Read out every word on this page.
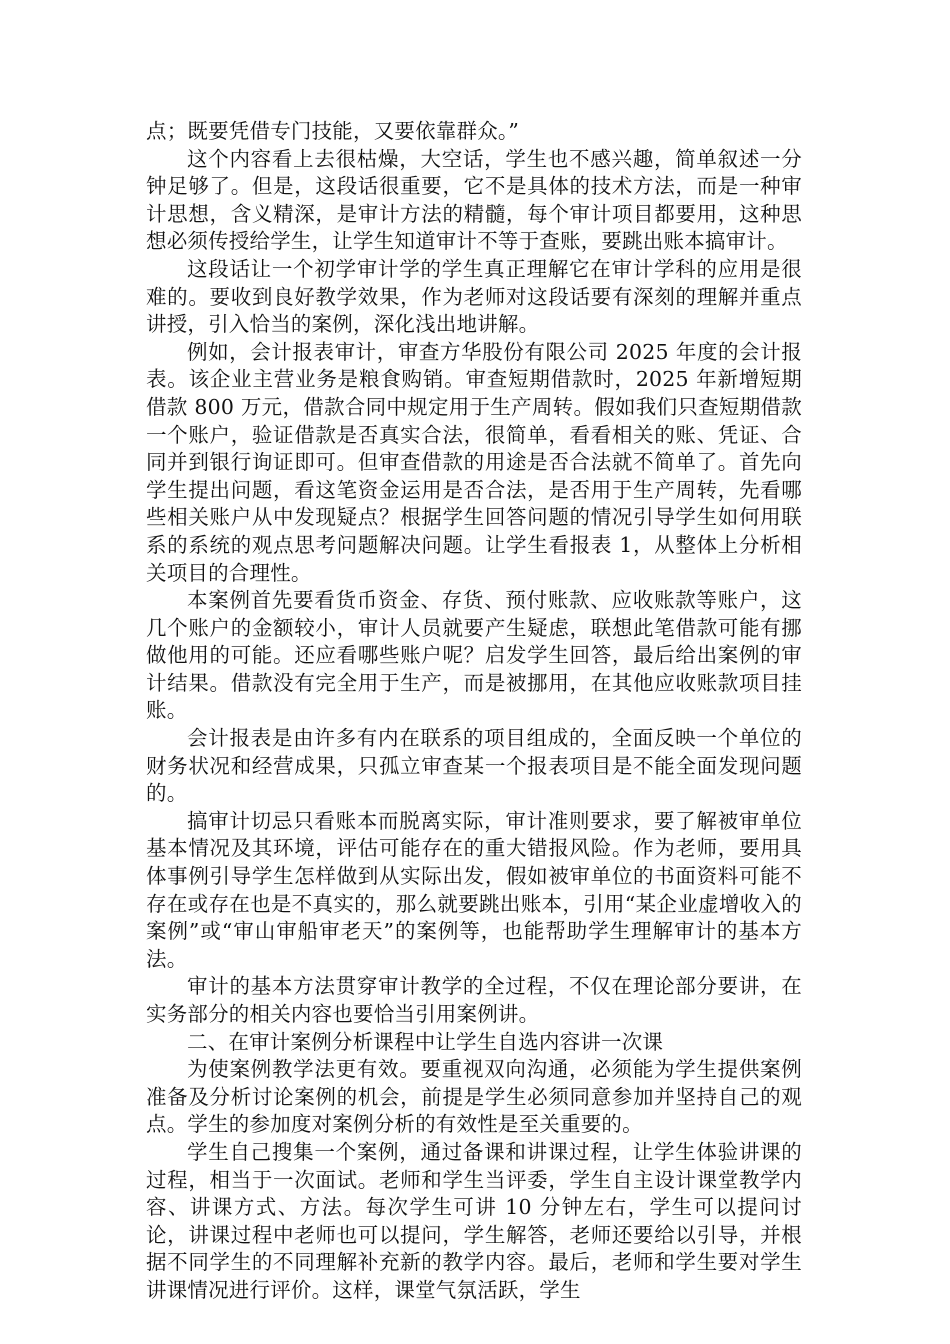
点；既要凭借专门技能，又要依靠群众。”

这个内容看上去很枯燥，大空话，学生也不感兴趣，简单叙述一分钟足够了。但是，这段话很重要，它不是具体的技术方法，而是一种审计思想，含义精深，是审计方法的精髓，每个审计项目都要用，这种思想必须传授给学生，让学生知道审计不等于查账，要跳出账本搞审计。

这段话让一个初学审计学的学生真正理解它在审计学科的应用是很难的。要收到良好教学效果，作为老师对这段话要有深刻的理解并重点讲授，引入恰当的案例，深化浅出地讲解。

例如，会计报表审计，审查方华股份有限公司 2025 年度的会计报表。该企业主营业务是粮食购销。审查短期借款时，2025 年新增短期借款 800 万元，借款合同中规定用于生产周转。假如我们只查短期借款一个账户，验证借款是否真实合法，很简单，看看相关的账、凭证、合同并到银行询证即可。但审查借款的用途是否合法就不简单了。首先向学生提出问题，看这笔资金运用是否合法，是否用于生产周转，先看哪些相关账户从中发现疑点？根据学生回答问题的情况引导学生如何用联系的系统的观点思考问题解决问题。让学生看报表 1，从整体上分析相关项目的合理性。

本案例首先要看货币资金、存货、预付账款、应收账款等账户，这几个账户的金额较小，审计人员就要产生疑虑，联想此笔借款可能有挪做他用的可能。还应看哪些账户呢？启发学生回答，最后给出案例的审计结果。借款没有完全用于生产，而是被挪用，在其他应收账款项目挂账。

会计报表是由许多有内在联系的项目组成的，全面反映一个单位的财务状况和经营成果，只孤立审查某一个报表项目是不能全面发现问题的。

搞审计切忌只看账本而脱离实际，审计准则要求，要了解被审单位基本情况及其环境，评估可能存在的重大错报风险。作为老师，要用具体事例引导学生怎样做到从实际出发，假如被审单位的书面资料可能不存在或存在也是不真实的，那么就要跳出账本，引用“某企业虚增收入的案例”或“审山审船审老天”的案例等，也能帮助学生理解审计的基本方法。

审计的基本方法贯穿审计教学的全过程，不仅在理论部分要讲，在实务部分的相关内容也要恰当引用案例讲。

二、在审计案例分析课程中让学生自选内容讲一次课

为使案例教学法更有效。要重视双向沟通，必须能为学生提供案例准备及分析讨论案例的机会，前提是学生必须同意参加并坚持自己的观点。学生的参加度对案例分析的有效性是至关重要的。

学生自己搜集一个案例，通过备课和讲课过程，让学生体验讲课的过程，相当于一次面试。老师和学生当评委，学生自主设计课堂教学内容、讲课方式、方法。每次学生可讲 10 分钟左右，学生可以提问讨论，讲课过程中老师也可以提问，学生解答，老师还要给以引导，并根据不同学生的不同理解补充新的教学内容。最后，老师和学生要对学生讲课情况进行评价。这样，课堂气氛活跃，学生
